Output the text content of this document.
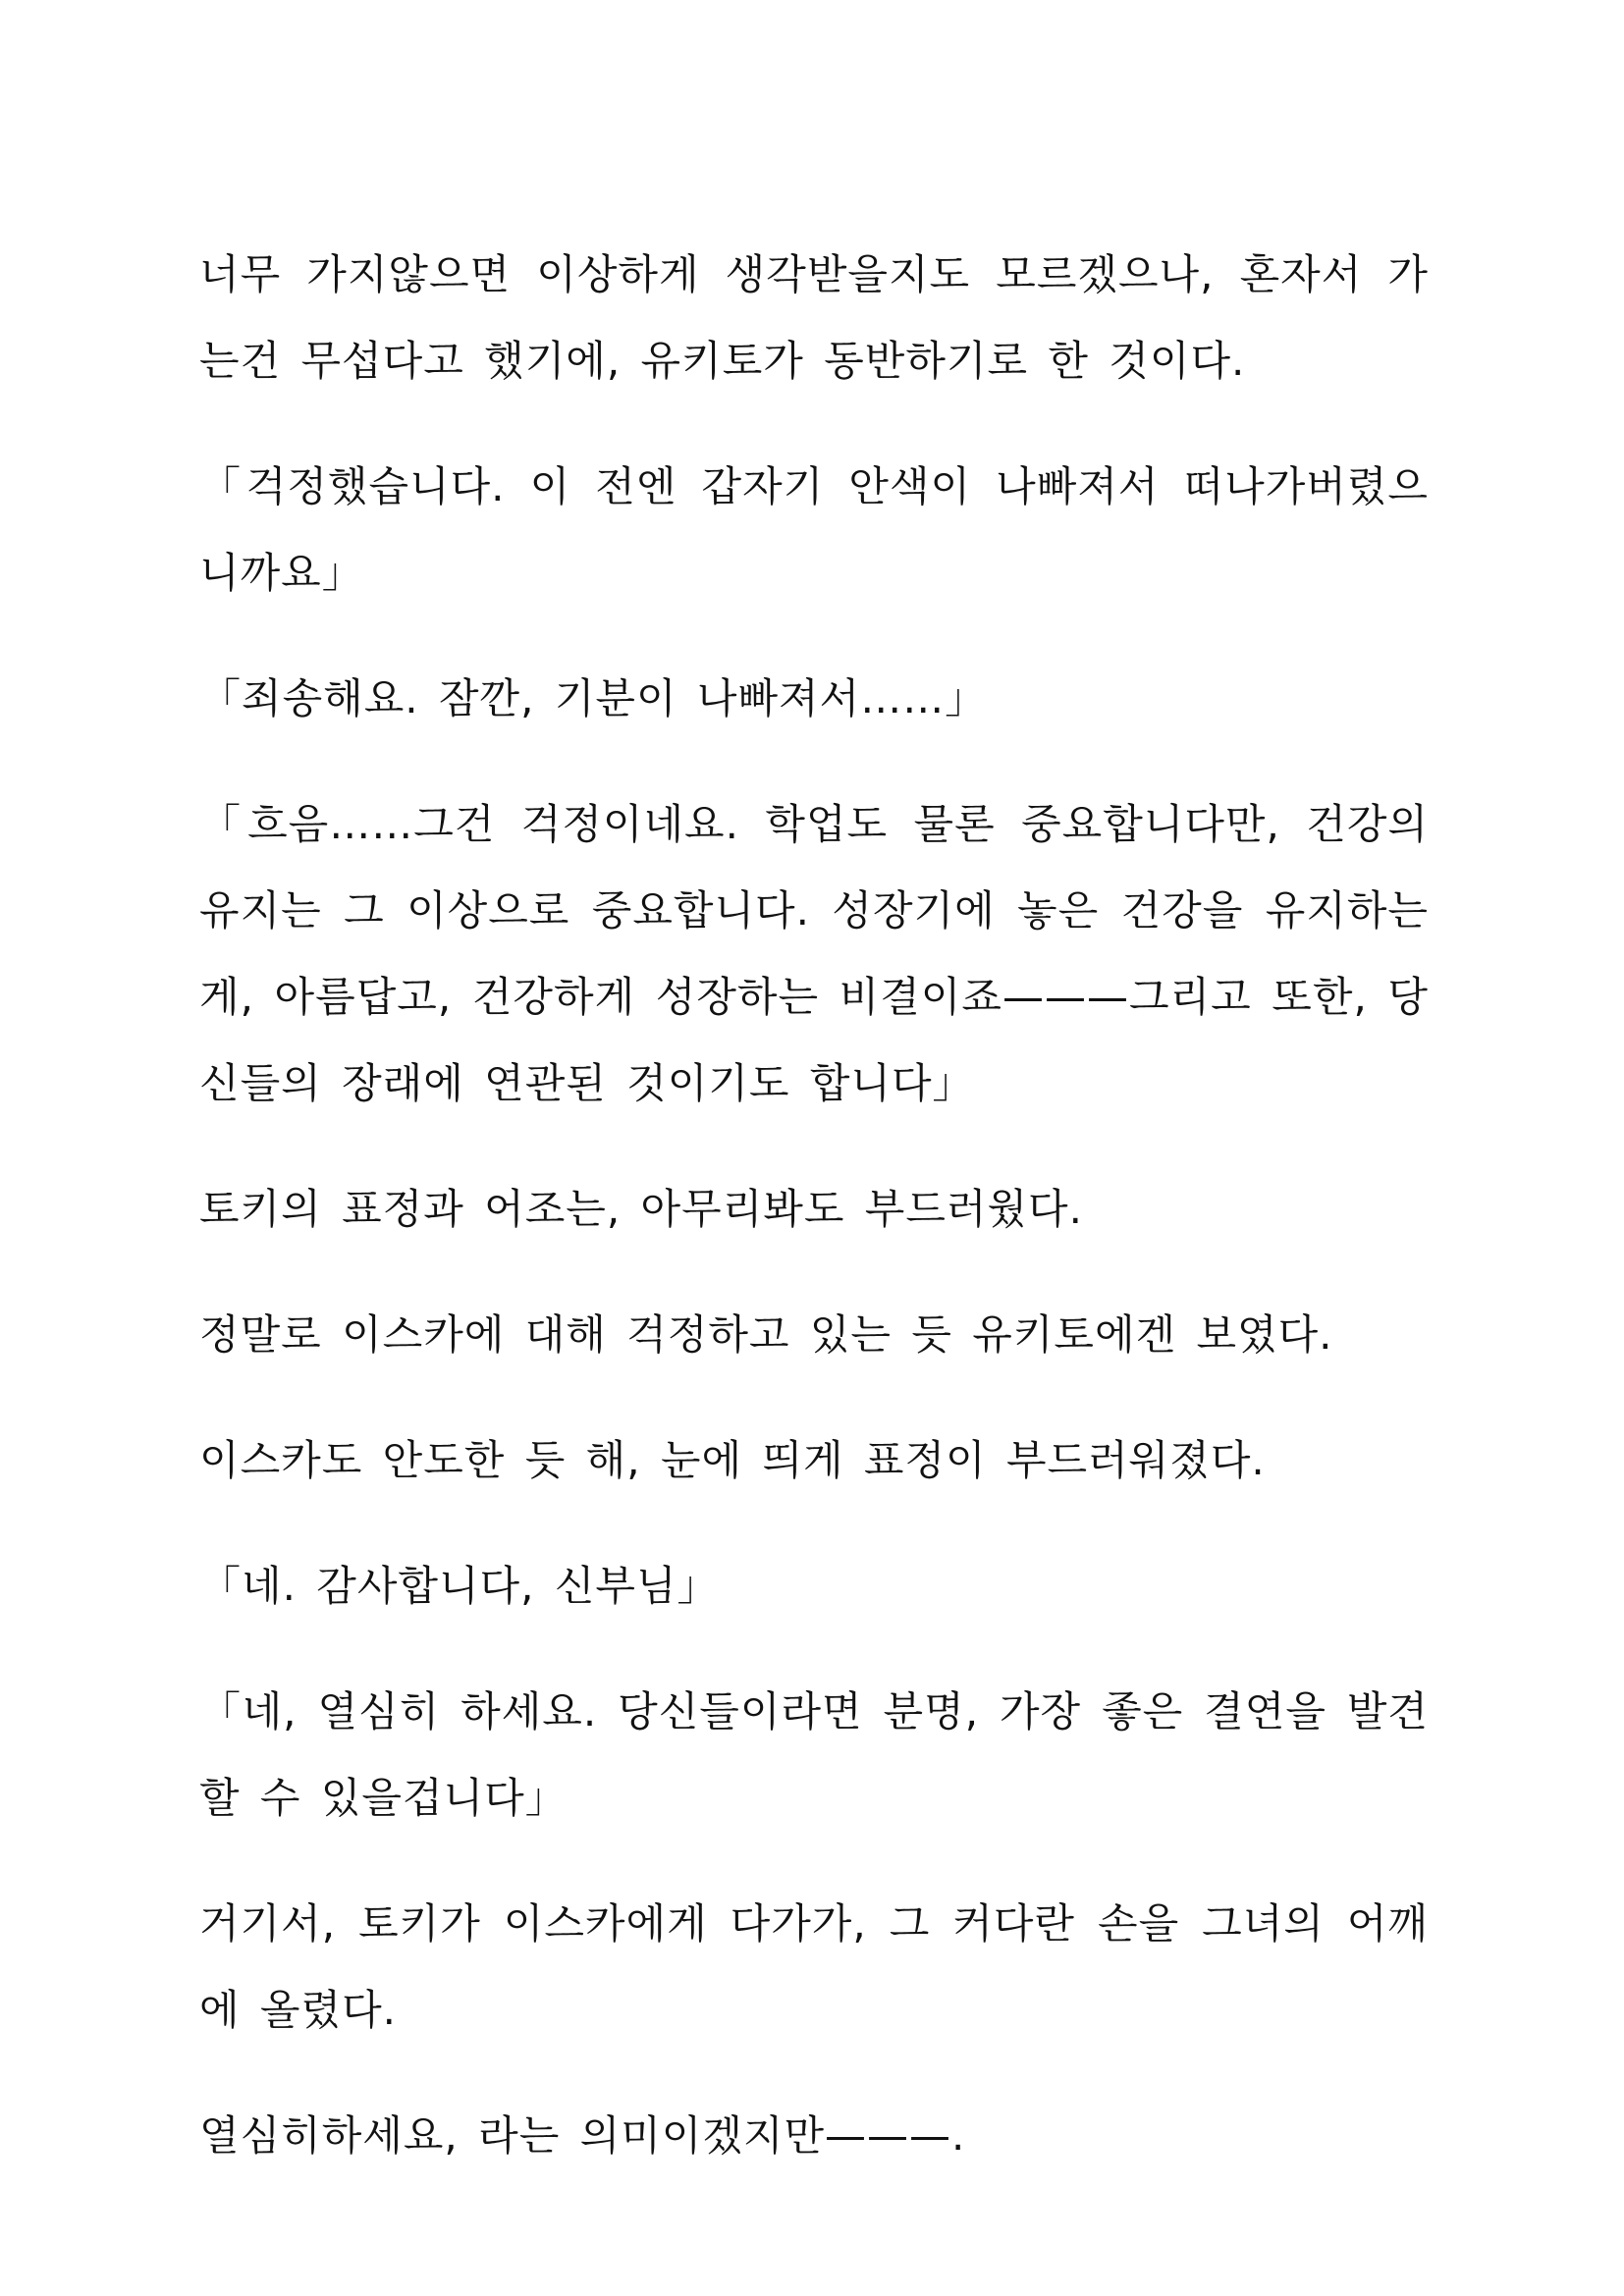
너무 가지않으면 이상하게 생각받을지도 모르겠으나, 혼자서 가는건 무섭다고 했기에, 유키토가 동반하기로 한 것이다.

「걱정했습니다. 이 전엔 갑자기 안색이 나빠져서 떠나가버렸으니까요」

「죄송해요. 잠깐, 기분이 나빠져서……」

「흐음……그건 걱정이네요. 학업도 물론 중요합니다만, 건강의 유지는 그 이상으로 중요합니다. 성장기에 놓은 건강을 유지하는게, 아름답고, 건강하게 성장하는 비결이죠———그리고 또한, 당신들의 장래에 연관된 것이기도 합니다」

토키의 표정과 어조는, 아무리봐도 부드러웠다.

정말로 이스카에 대해 걱정하고 있는 듯 유키토에겐 보였다.

이스카도 안도한 듯 해, 눈에 띄게 표정이 부드러워졌다.

「네. 감사합니다, 신부님」

「네, 열심히 하세요. 당신들이라면 분명, 가장 좋은 결연을 발견할 수 있을겁니다」

거기서, 토키가 이스카에게 다가가, 그 커다란 손을 그녀의 어깨에 올렸다.

열심히하세요, 라는 의미이겠지만———.
